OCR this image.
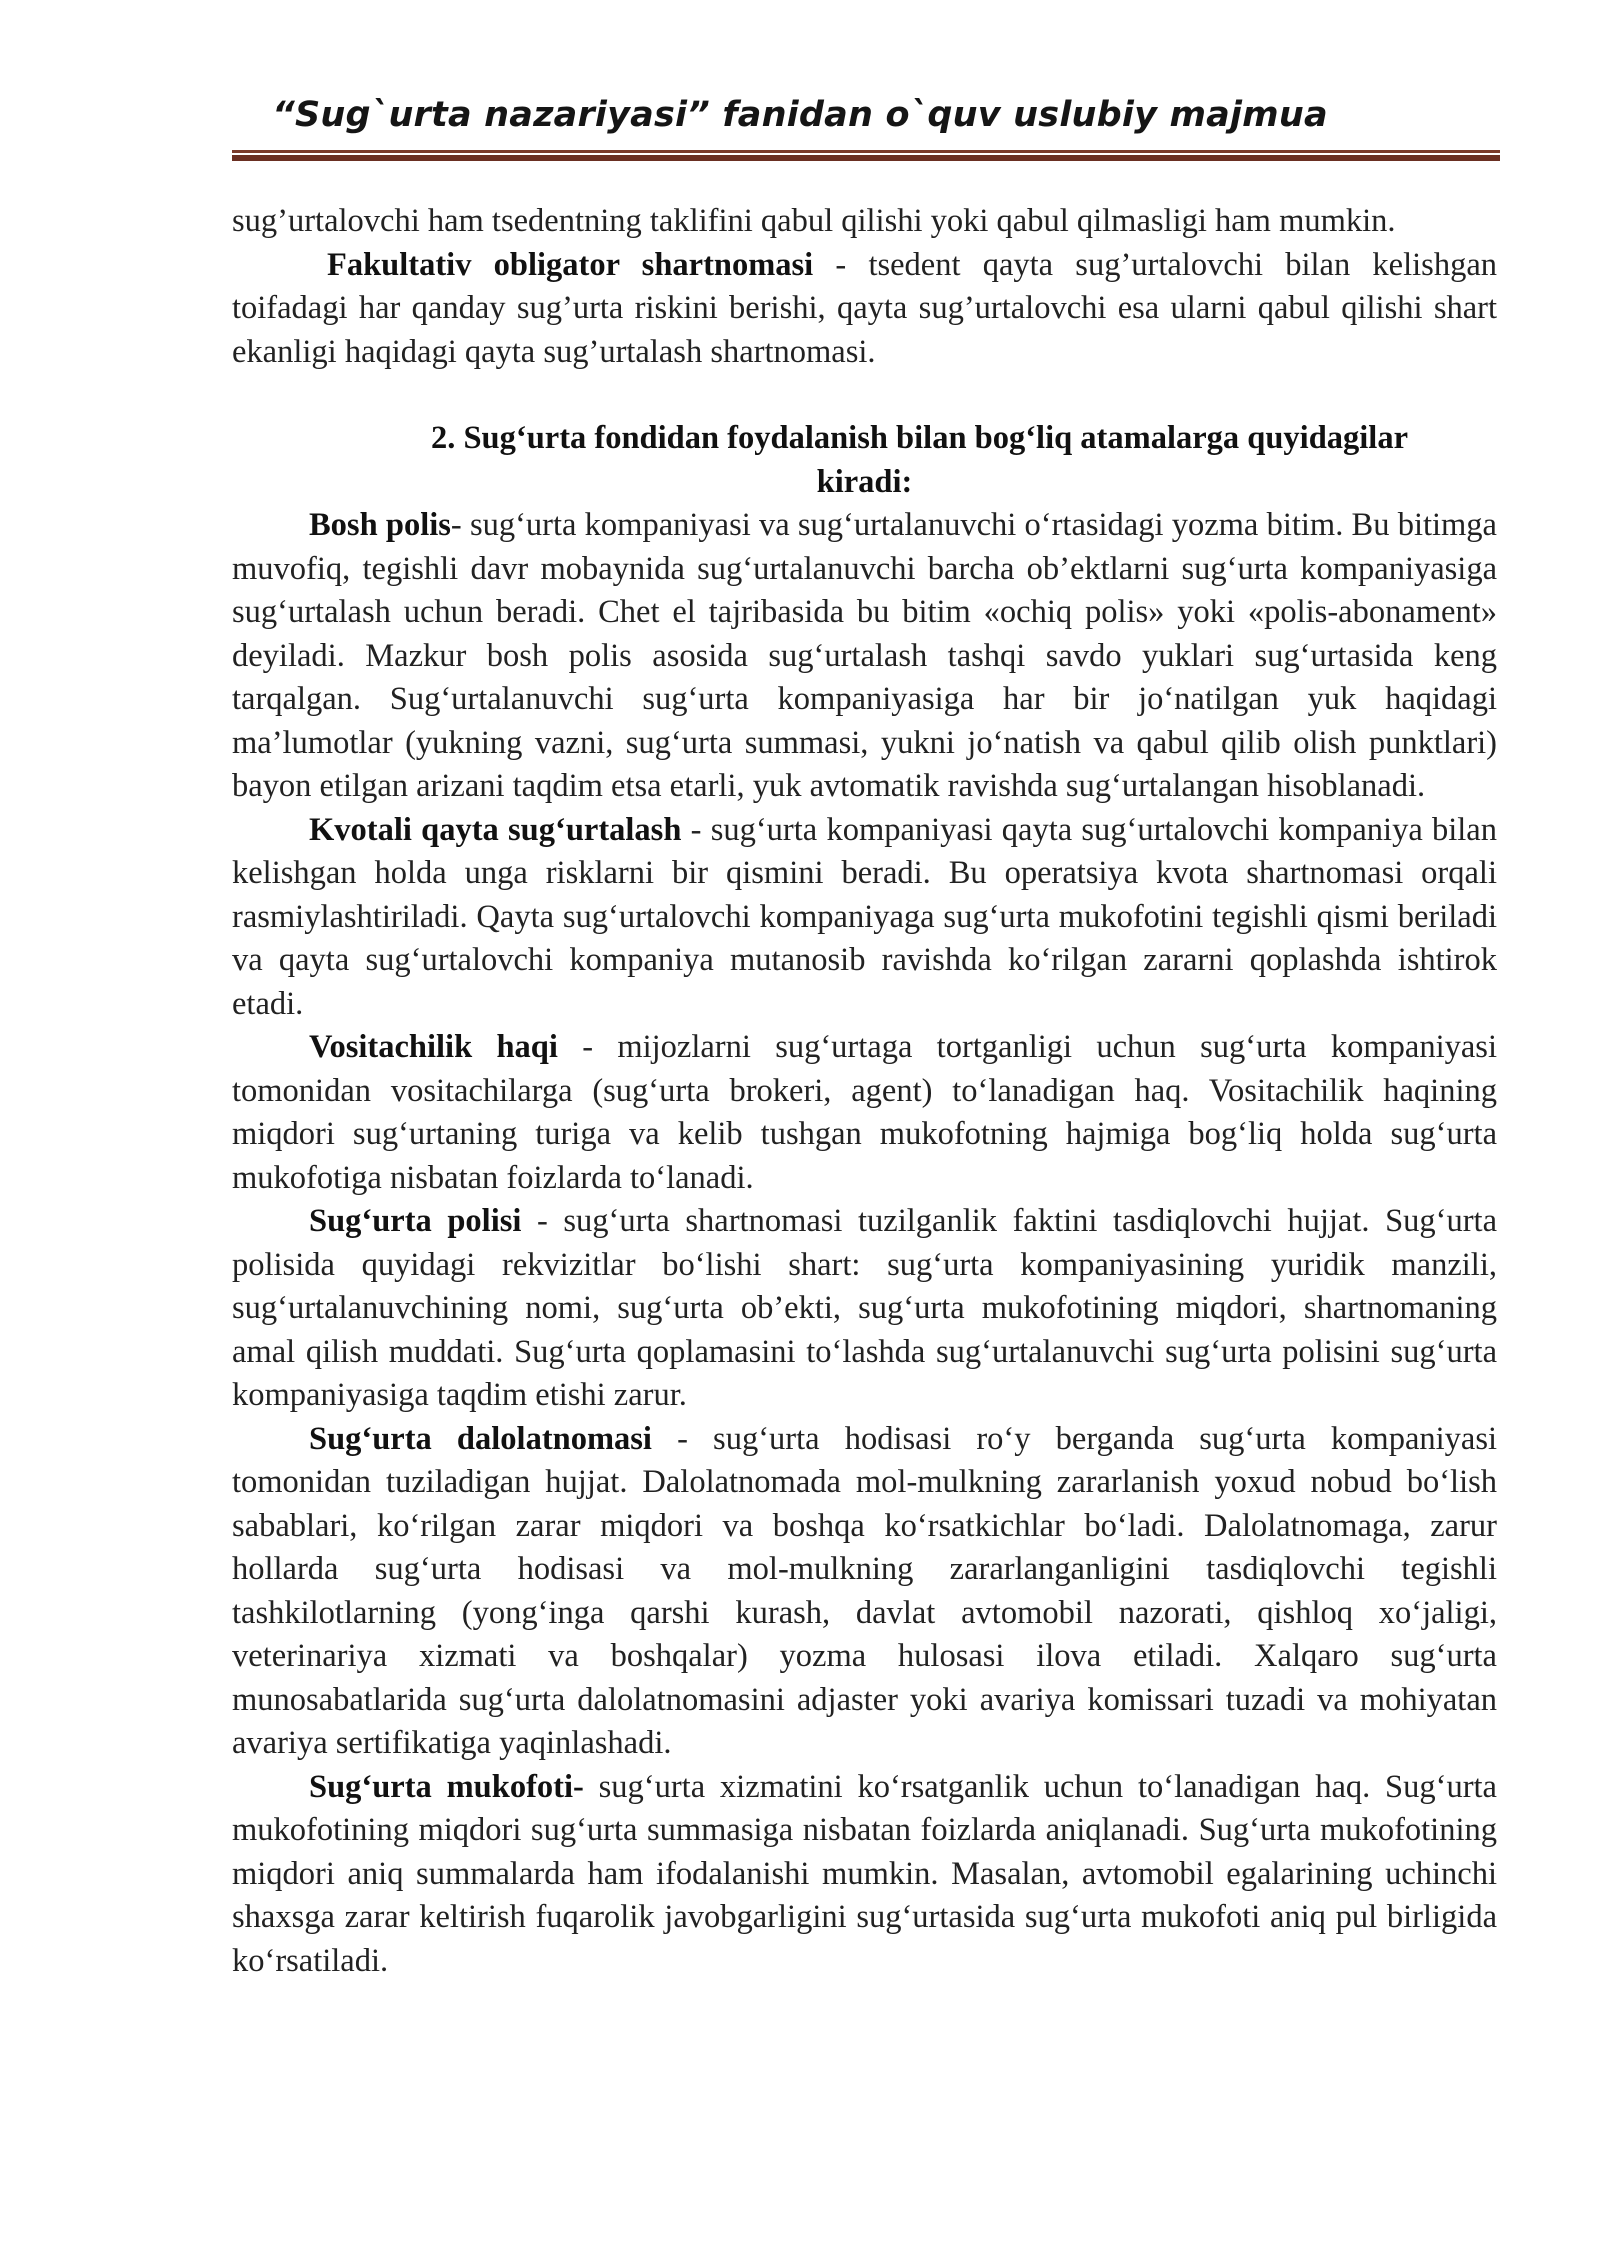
“Sug`urta nazariyasi” fanidan o`quv uslubiy majmua

sug’urtalovchi ham tsedentning taklifini qabul qilishi yoki qabul qilmasligi ham mumkin.

Fakultativ obligator shartnomasi - tsedent qayta sug’urtalovchi bilan kelishgan toifadagi har qanday sug’urta riskini berishi, qayta sug’urtalovchi esa ularni qabul qilishi shart ekanligi haqidagi qayta sug’urtalash shartnomasi.

2. Sug‘urta fondidan foydalanish bilan bog‘liq atamalarga quyidagilar
kiradi:

Bosh polis- sug‘urta kompaniyasi va sug‘urtalanuvchi o‘rtasidagi yozma bitim. Bu bitimga muvofiq, tegishli davr mobaynida sug‘urtalanuvchi barcha ob’ektlarni sug‘urta kompaniyasiga sug‘urtalash uchun beradi. Chet el tajribasida bu bitim «ochiq polis» yoki «polis-abonament» deyiladi. Mazkur bosh polis asosida sug‘urtalash tashqi savdo yuklari sug‘urtasida keng tarqalgan. Sug‘urtalanuvchi sug‘urta kompaniyasiga har bir jo‘natilgan yuk haqidagi ma’lumotlar (yukning vazni, sug‘urta summasi, yukni jo‘natish va qabul qilib olish punktlari) bayon etilgan arizani taqdim etsa etarli, yuk avtomatik ravishda sug‘urtalangan hisoblanadi.

Kvotali qayta sug‘urtalash - sug‘urta kompaniyasi qayta sug‘urtalovchi kompaniya bilan kelishgan holda unga risklarni bir qismini beradi. Bu operatsiya kvota shartnomasi orqali rasmiylashtiriladi. Qayta sug‘urtalovchi kompaniyaga sug‘urta mukofotini tegishli qismi beriladi va qayta sug‘urtalovchi kompaniya mutanosib ravishda ko‘rilgan zararni qoplashda ishtirok etadi.

Vositachilik haqi - mijozlarni sug‘urtaga tortganligi uchun sug‘urta kompaniyasi tomonidan vositachilarga (sug‘urta brokeri, agent) to‘lanadigan haq. Vositachilik haqining miqdori sug‘urtaning turiga va kelib tushgan mukofotning hajmiga bog‘liq holda sug‘urta mukofotiga nisbatan foizlarda to‘lanadi.

Sug‘urta polisi - sug‘urta shartnomasi tuzilganlik faktini tasdiqlovchi hujjat. Sug‘urta polisida quyidagi rekvizitlar bo‘lishi shart: sug‘urta kompaniyasining yuridik manzili, sug‘urtalanuvchining nomi, sug‘urta ob’ekti, sug‘urta mukofotining miqdori, shartnomaning amal qilish muddati. Sug‘urta qoplamasini to‘lashda sug‘urtalanuvchi sug‘urta polisini sug‘urta kompaniyasiga taqdim etishi zarur.

Sug‘urta dalolatnomasi - sug‘urta hodisasi ro‘y berganda sug‘urta kompaniyasi tomonidan tuziladigan hujjat. Dalolatnomada mol-mulkning zararlanish yoxud nobud bo‘lish sabablari, ko‘rilgan zarar miqdori va boshqa ko‘rsatkichlar bo‘ladi. Dalolatnomaga, zarur hollarda sug‘urta hodisasi va mol-mulkning zararlanganligini tasdiqlovchi tegishli tashkilotlarning (yong‘inga qarshi kurash, davlat avtomobil nazorati, qishloq xo‘jaligi, veterinariya xizmati va boshqalar) yozma hulosasi ilova etiladi. Xalqaro sug‘urta munosabatlarida sug‘urta dalolatnomasini adjaster yoki avariya komissari tuzadi va mohiyatan avariya sertifikatiga yaqinlashadi.

Sug‘urta mukofoti- sug‘urta xizmatini ko‘rsatganlik uchun to‘lanadigan haq. Sug‘urta mukofotining miqdori sug‘urta summasiga nisbatan foizlarda aniqlanadi. Sug‘urta mukofotining miqdori aniq summalarda ham ifodalanishi mumkin. Masalan, avtomobil egalarining uchinchi shaxsga zarar keltirish fuqarolik javobgarligini sug‘urtasida sug‘urta mukofoti aniq pul birligida ko‘rsatiladi.
